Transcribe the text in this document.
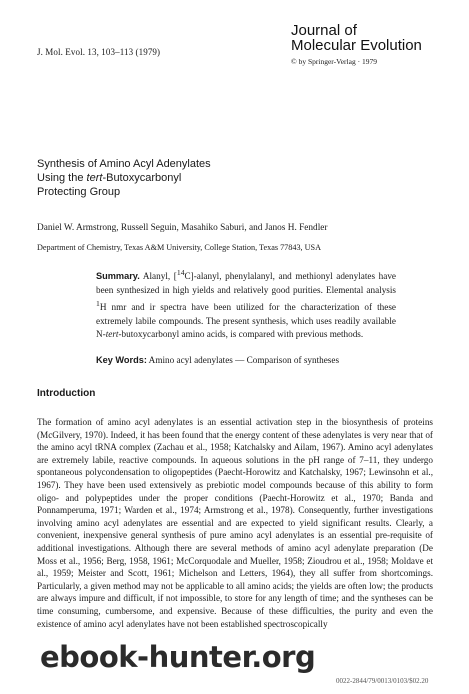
J. Mol. Evol. 13, 103–113 (1979)
Journal of
Molecular Evolution
© by Springer-Verlag · 1979
Synthesis of Amino Acyl Adenylates
Using the tert-Butoxycarbonyl
Protecting Group
Daniel W. Armstrong, Russell Seguin, Masahiko Saburi, and Janos H. Fendler
Department of Chemistry, Texas A&M University, College Station, Texas 77843, USA
Summary. Alanyl, [$^{14}$C]-alanyl, phenylalanyl, and methionyl adenylates have been synthesized in high yields and relatively good purities. Elemental analysis $^1$H nmr and ir spectra have been utilized for the characterization of these extremely labile compounds. The present synthesis, which uses readily available N-tert-butoxycarbonyl amino acids, is compared with previous methods.
Key Words: Amino acyl adenylates — Comparison of syntheses
Introduction
The formation of amino acyl adenylates is an essential activation step in the biosynthesis of proteins (McGilvery, 1970). Indeed, it has been found that the energy content of these adenylates is very near that of the amino acyl tRNA complex (Zachau et al., 1958; Katchalsky and Ailam, 1967). Amino acyl adenylates are extremely labile, reactive compounds. In aqueous solutions in the pH range of 7–11, they undergo spontaneous polycondensation to oligopeptides (Paecht-Horowitz and Katchalsky, 1967; Lewinsohn et al., 1967). They have been used extensively as prebiotic model compounds because of this ability to form oligo- and polypeptides under the proper conditions (Paecht-Horowitz et al., 1970; Banda and Ponnamperuma, 1971; Warden et al., 1974; Armstrong et al., 1978). Consequently, further investigations involving amino acyl adenylates are essential and are expected to yield significant results. Clearly, a convenient, inexpensive general synthesis of pure amino acyl adenylates is an essential pre-requisite of additional investigations. Although there are several methods of amino acyl adenylate preparation (De Moss et al., 1956; Berg, 1958, 1961; McCorquodale and Mueller, 1958; Zioudrou et al., 1958; Moldave et al., 1959; Meister and Scott, 1961; Michelson and Letters, 1964), they all suffer from shortcomings. Particularly, a given method may not be applicable to all amino acids; the yields are often low; the products are always impure and difficult, if not impossible, to store for any length of time; and the syntheses can be time consuming, cumbersome, and expensive. Because of these difficulties, the purity and even the existence of amino acyl adenylates have not been established spectroscopically
ebook-hunter.org
0022-2844/79/0013/0103/$02.20
